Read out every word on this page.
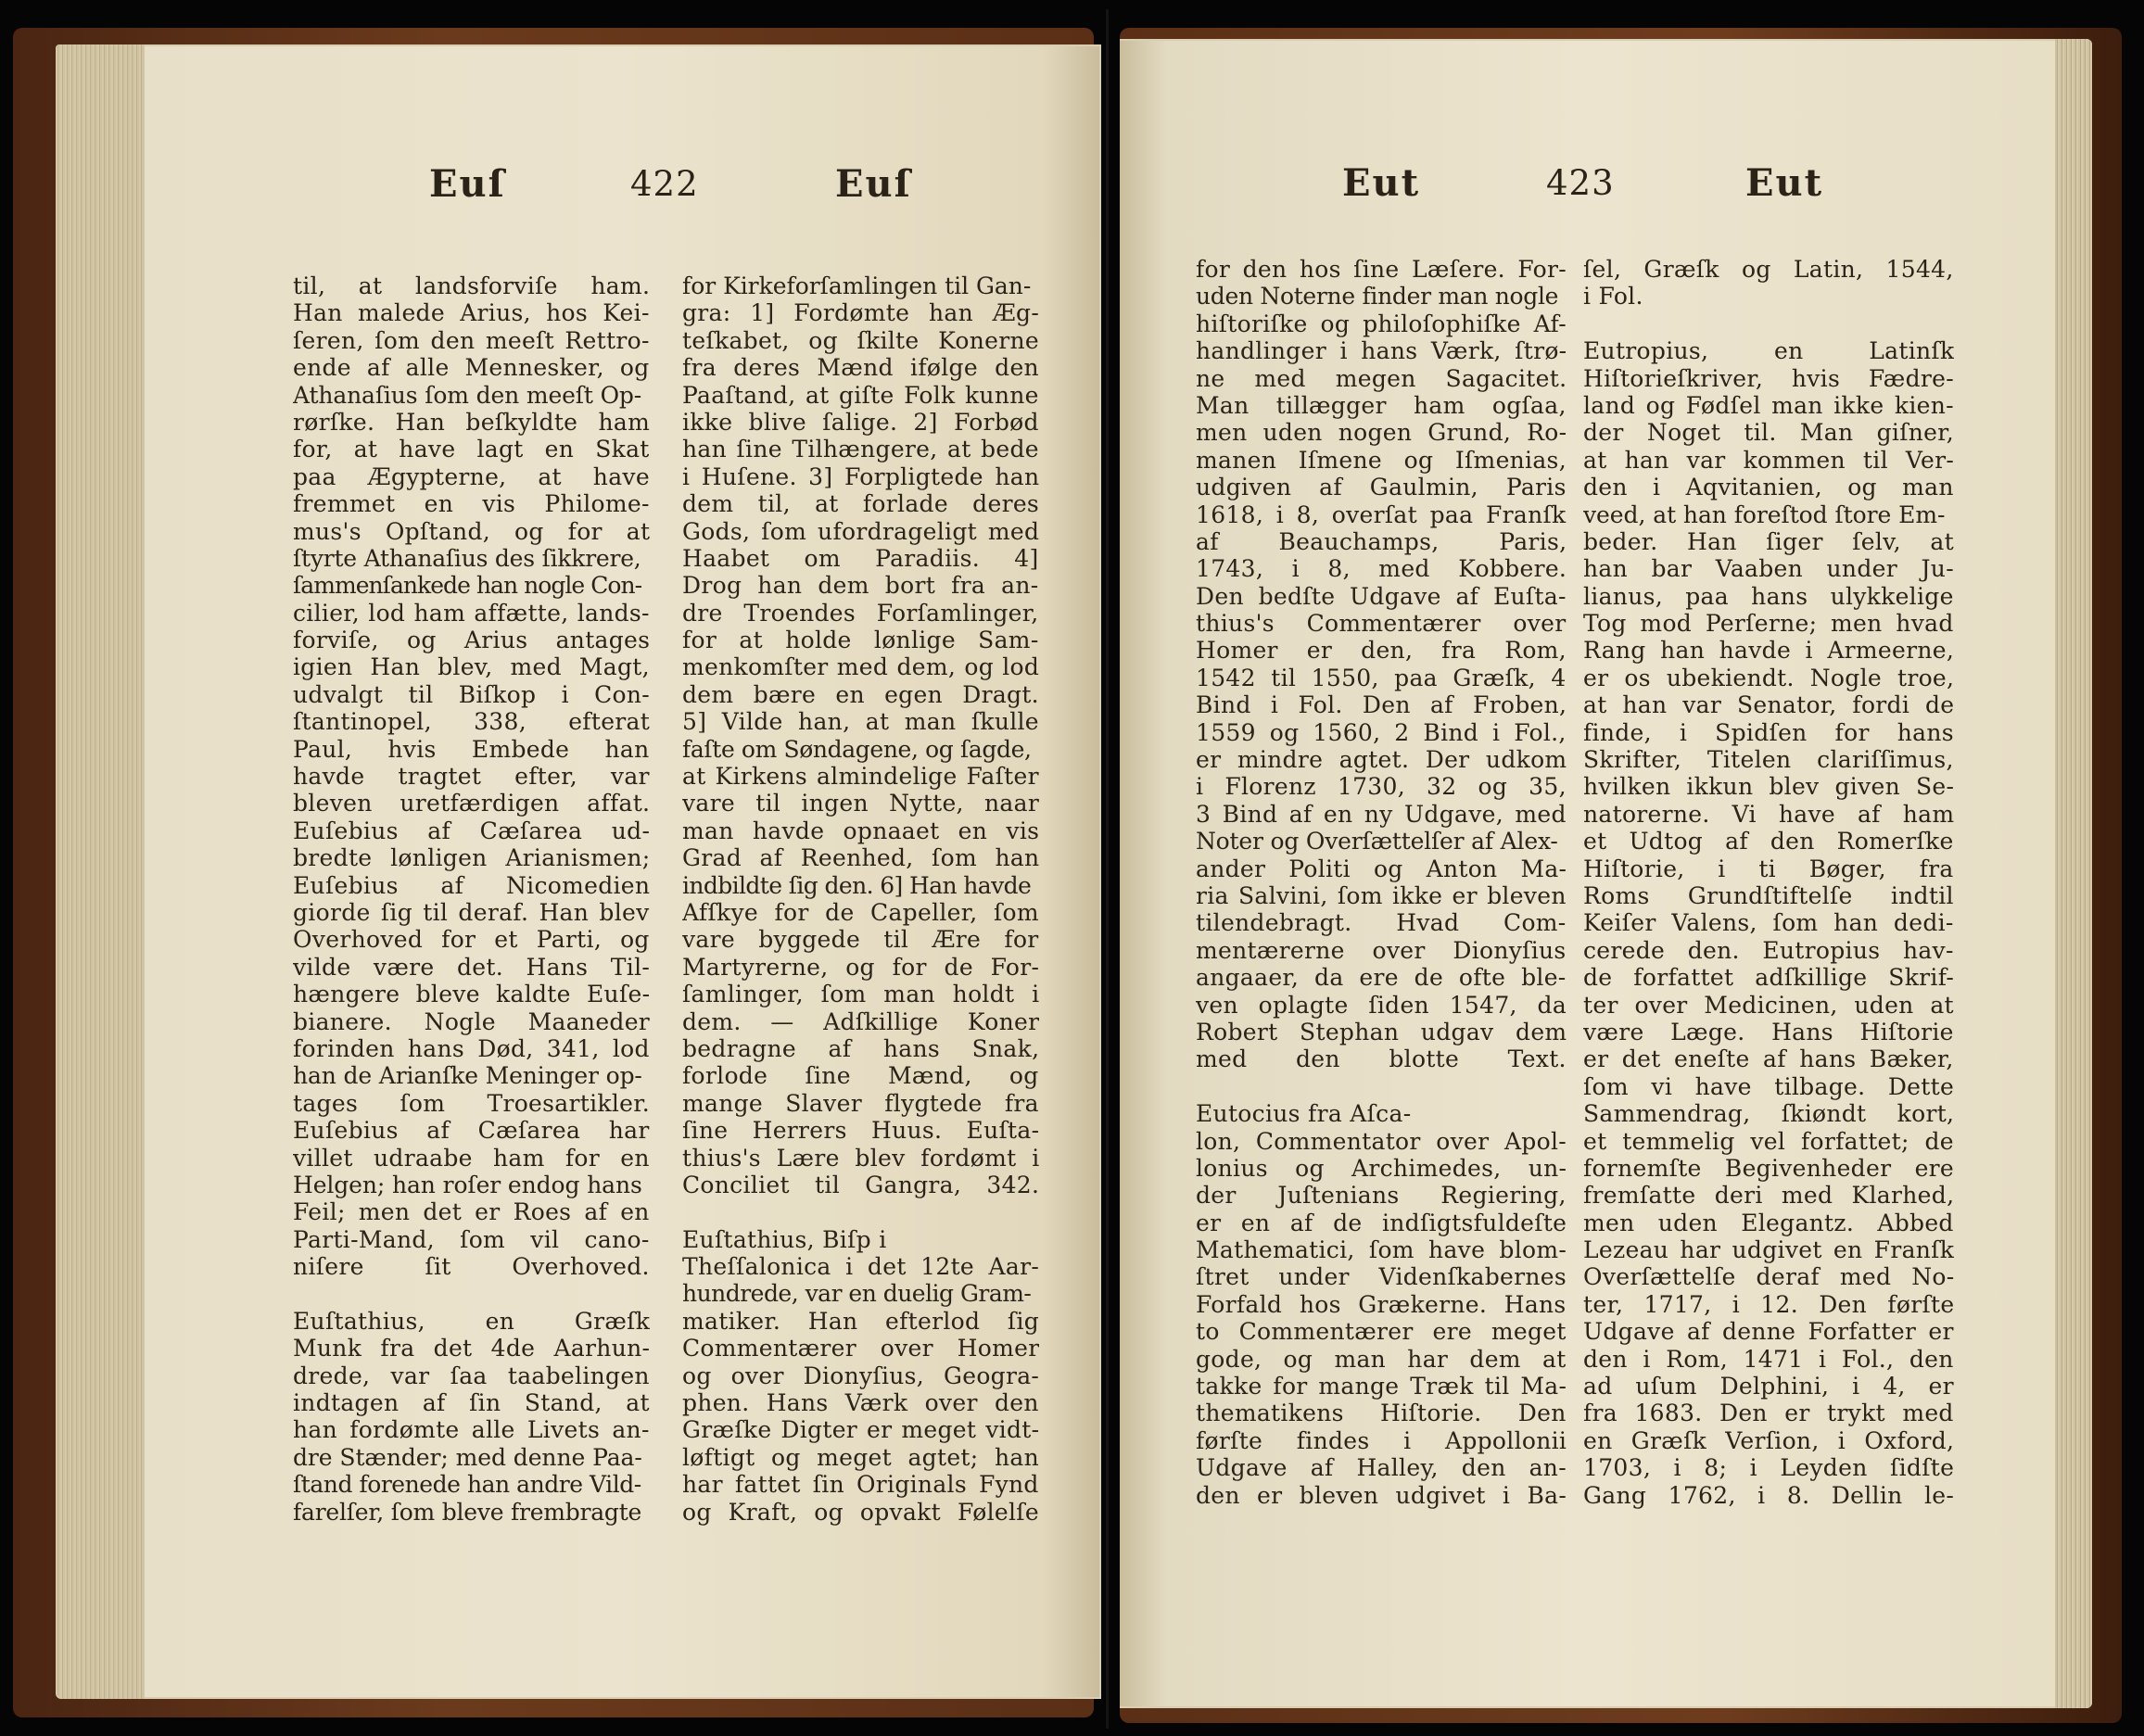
Euſ	422	Euſ
til, at landsforviſe ham.
Han malede Arius, hos Kei-
ſeren, ſom den meeſt Rettro-
ende af alle Mennesker, og
Athanaſius ſom den meeſt Op-
rørſke. Han beſkyldte ham
for, at have lagt en Skat
paa Ægypterne, at have
fremmet en vis Philome-
mus's Opſtand, og for at
ſtyrte Athanaſius des ſikkrere,
ſammenſankede han nogle Con-
cilier, lod ham affætte, lands-
forviſe, og Arius antages
igien Han blev, med Magt,
udvalgt til Biſkop i Con-
ſtantinopel, 338, efterat
Paul, hvis Embede han
havde tragtet efter, var
bleven uretfærdigen affat.
Euſebius af Cæſarea ud-
bredte lønligen Arianismen;
Euſebius af Nicomedien
giorde ſig til deraf. Han blev
Overhoved for et Parti, og
vilde være det. Hans Til-
hængere bleve kaldte Euſe-
bianere. Nogle Maaneder
forinden hans Død, 341, lod
han de Arianſke Meninger op-
tages ſom Troesartikler.
Euſebius af Cæſarea har
villet udraabe ham for en
Helgen; han roſer endog hans
Feil; men det er Roes af en
Parti-Mand, ſom vil cano-
niſere ſit Overhoved.
Euſtathius, en Græſk
Munk fra det 4de Aarhun-
drede, var ſaa taabelingen
indtagen af ſin Stand, at
han fordømte alle Livets an-
dre Stænder; med denne Paa-
ſtand forenede han andre Vild-
farelſer, ſom bleve frembragte
for Kirkeforſamlingen til Gan-
gra: 1] Fordømte han Æg-
teſkabet, og ſkilte Konerne
fra deres Mænd ifølge den
Paaſtand, at giſte Folk kunne
ikke blive ſalige. 2] Forbød
han ſine Tilhængere, at bede
i Huſene. 3] Forpligtede han
dem til, at forlade deres
Gods, ſom ufordrageligt med
Haabet om Paradiis. 4]
Drog han dem bort fra an-
dre Troendes Forſamlinger,
for at holde lønlige Sam-
menkomſter med dem, og lod
dem bære en egen Dragt.
5] Vilde han, at man ſkulle
faſte om Søndagene, og ſagde,
at Kirkens almindelige Faſter
vare til ingen Nytte, naar
man havde opnaaet en vis
Grad af Reenhed, ſom han
indbildte ſig den. 6] Han havde
Afſkye for de Capeller, ſom
vare byggede til Ære for
Martyrerne, og for de For-
ſamlinger, ſom man holdt i
dem. — Adſkillige Koner
bedragne af hans Snak,
forlode ſine Mænd, og
mange Slaver flygtede fra
ſine Herrers Huus. Euſta-
thius's Lære blev fordømt i
Conciliet til Gangra, 342.
Euſtathius, Biſp i
Theſſalonica i det 12te Aar-
hundrede, var en duelig Gram-
matiker. Han efterlod ſig
Commentærer over Homer
og over Dionyſius, Geogra-
phen. Hans Værk over den
Græſke Digter er meget vidt-
løftigt og meget agtet; han
har fattet ſin Originals Fynd
og Kraft, og opvakt Følelſe
Eut	423	Eut
for den hos ſine Læſere. For-
uden Noterne finder man nogle
hiſtoriſke og philoſophiſke Af-
handlinger i hans Værk, ſtrø-
ne med megen Sagacitet.
Man tillægger ham ogſaa,
men uden nogen Grund, Ro-
manen Iſmene og Iſmenias,
udgiven af Gaulmin, Paris
1618, i 8, overſat paa Franſk
af Beauchamps, Paris,
1743, i 8, med Kobbere.
Den bedſte Udgave af Euſta-
thius's Commentærer over
Homer er den, fra Rom,
1542 til 1550, paa Græſk, 4
Bind i Fol. Den af Froben,
1559 og 1560, 2 Bind i Fol.,
er mindre agtet. Der udkom
i Florenz 1730, 32 og 35,
3 Bind af en ny Udgave, med
Noter og Overſættelſer af Alex-
ander Politi og Anton Ma-
ria Salvini, ſom ikke er bleven
tilendebragt. Hvad Com-
mentærerne over Dionyſius
angaaer, da ere de ofte ble-
ven oplagte ſiden 1547, da
Robert Stephan udgav dem
med den blotte Text.
Eutocius fra Aſca-
lon, Commentator over Apol-
lonius og Archimedes, un-
der Juſtenians Regiering,
er en af de indſigtsfuldeſte
Mathematici, ſom have blom-
ſtret under Videnſkabernes
Forfald hos Grækerne. Hans
to Commentærer ere meget
gode, og man har dem at
takke for mange Træk til Ma-
thematikens Hiſtorie. Den
førſte findes i Appollonii
Udgave af Halley, den an-
den er bleven udgivet i Ba-
ſel, Græſk og Latin, 1544,
i Fol.
Eutropius, en Latinſk
Hiſtorieſkriver, hvis Fædre-
land og Fødſel man ikke kien-
der Noget til. Man giſner,
at han var kommen til Ver-
den i Aqvitanien, og man
veed, at han foreſtod ſtore Em-
beder. Han ſiger ſelv, at
han bar Vaaben under Ju-
lianus, paa hans ulykkelige
Tog mod Perſerne; men hvad
Rang han havde i Armeerne,
er os ubekiendt. Nogle troe,
at han var Senator, fordi de
finde, i Spidſen for hans
Skrifter, Titelen clariſſimus,
hvilken ikkun blev given Se-
natorerne. Vi have af ham
et Udtog af den Romerſke
Hiſtorie, i ti Bøger, fra
Roms Grundſtiftelſe indtil
Keiſer Valens, ſom han dedi-
cerede den. Eutropius hav-
de forfattet adſkillige Skrif-
ter over Medicinen, uden at
være Læge. Hans Hiſtorie
er det eneſte af hans Bæker,
ſom vi have tilbage. Dette
Sammendrag, ſkiøndt kort,
et temmelig vel forfattet; de
fornemſte Begivenheder ere
fremſatte deri med Klarhed,
men uden Elegantz. Abbed
Lezeau har udgivet en Franſk
Overſættelſe deraf med No-
ter, 1717, i 12. Den førſte
Udgave af denne Forfatter er
den i Rom, 1471 i Fol., den
ad uſum Delphini, i 4, er
fra 1683. Den er trykt med
en Græſk Verſion, i Oxford,
1703, i 8; i Leyden ſidſte
Gang 1762, i 8. Dellin le-
